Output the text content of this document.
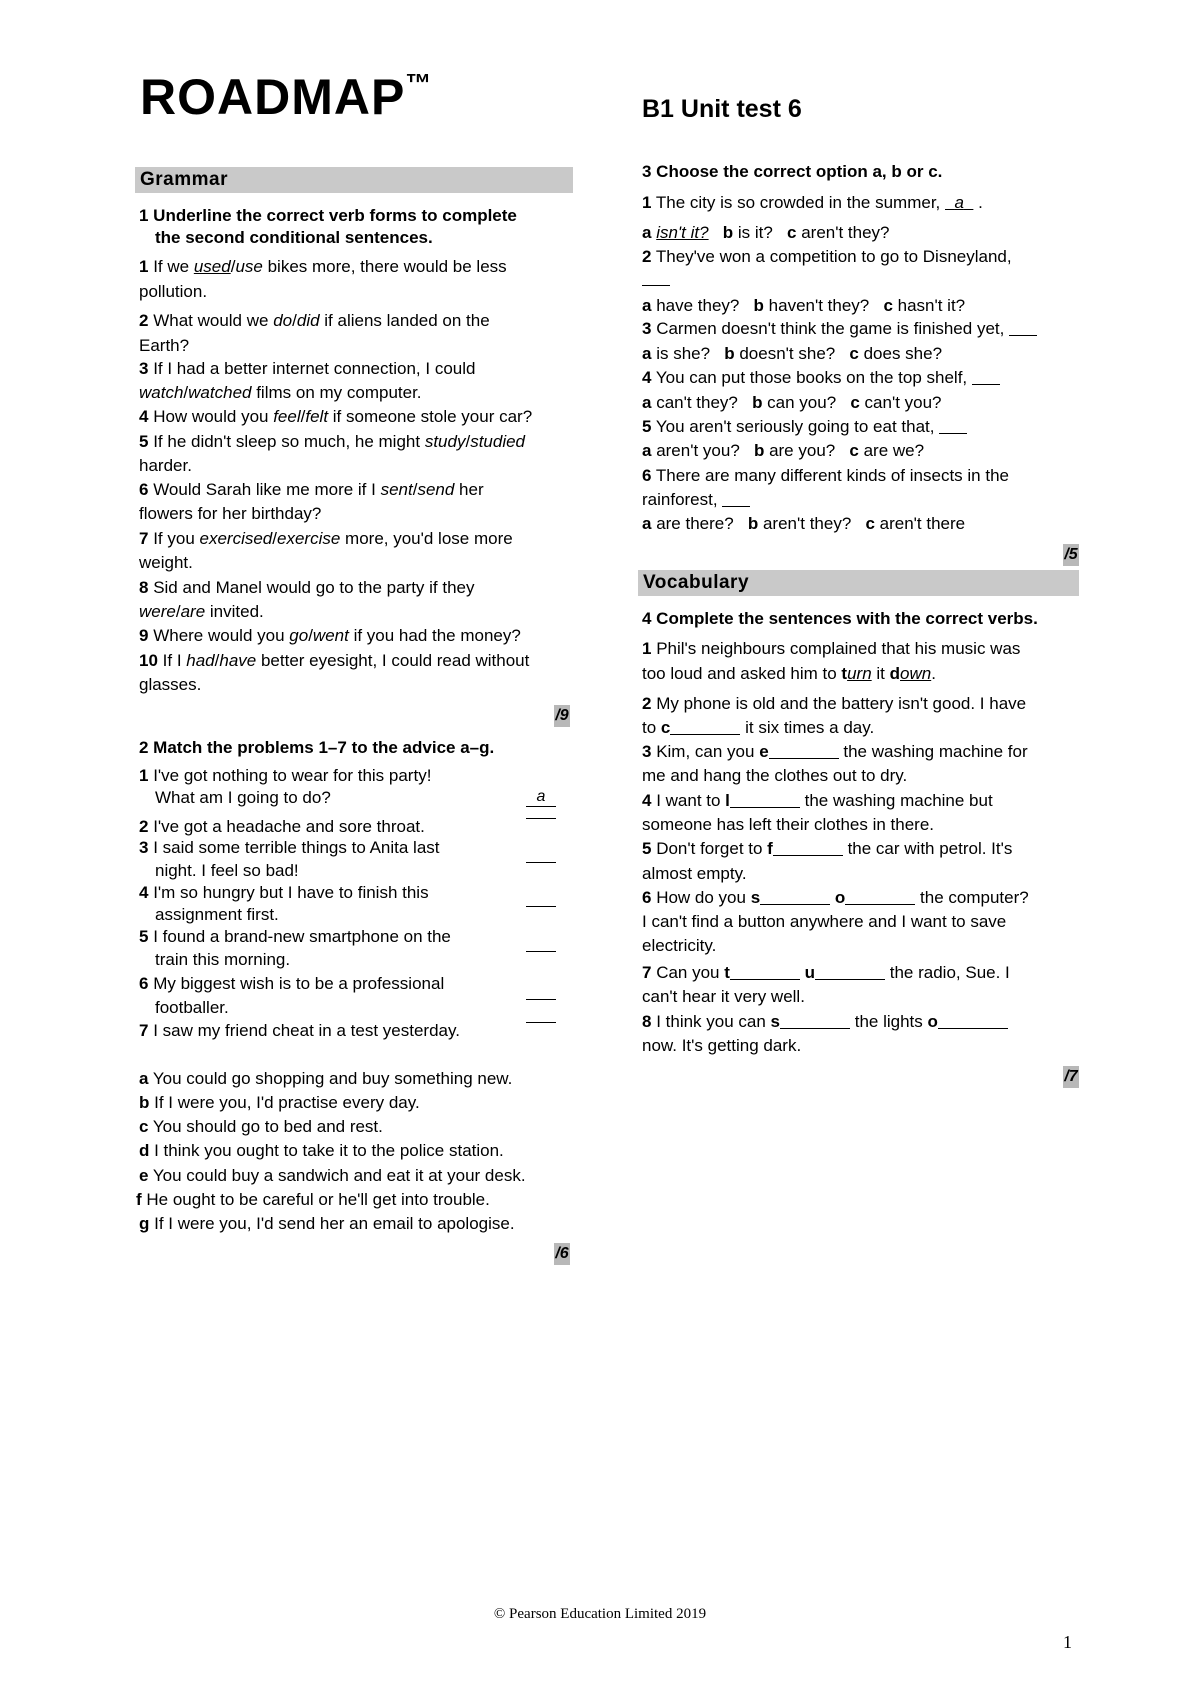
ROADMAP™
B1 Unit test 6
Grammar
1 Underline the correct verb forms to complete
the second conditional sentences.
1 If we used/use bikes more, there would be less
pollution.
2 What would we do/did if aliens landed on the
Earth?
3 If I had a better internet connection, I could
watch/watched films on my computer.
4 How would you feel/felt if someone stole your car?
5 If he didn't sleep so much, he might study/studied
harder.
6 Would Sarah like me more if I sent/send her
flowers for her birthday?
7 If you exercised/exercise more, you'd lose more
weight.
8 Sid and Manel would go to the party if they
were/are invited.
9 Where would you go/went if you had the money?
10 If I had/have better eyesight, I could read without
glasses.
/9
2 Match the problems 1–7 to the advice a–g.
1 I've got nothing to wear for this party!
What am I going to do?	a
2 I've got a headache and sore throat.
3 I said some terrible things to Anita last
night. I feel so bad!
4 I'm so hungry but I have to finish this
assignment first.
5 I found a brand-new smartphone on the
train this morning.
6 My biggest wish is to be a professional
footballer.
7 I saw my friend cheat in a test yesterday.
a You could go shopping and buy something new.
b If I were you, I'd practise every day.
c You should go to bed and rest.
d I think you ought to take it to the police station.
e You could buy a sandwich and eat it at your desk.
f He ought to be careful or he'll get into trouble.
g If I were you, I'd send her an email to apologise.
/6
3 Choose the correct option a, b or c.
1 The city is so crowded in the summer,   a   .
a isn't it? b is it?   c aren't they?
2 They've won a competition to go to Disneyland,
a have they?   b haven't they?   c hasn't it?
3 Carmen doesn't think the game is finished yet,
a is she?   b doesn't she?   c does she?
4 You can put those books on the top shelf,
a can't they?   b can you?   c can't you?
5 You aren't seriously going to eat that,
a aren't you?   b are you?   c are we?
6 There are many different kinds of insects in the
rainforest,
a are there?   b aren't they?   c aren't there
/5
Vocabulary
4 Complete the sentences with the correct verbs.
1 Phil's neighbours complained that his music was
too loud and asked him to turn it down.
2 My phone is old and the battery isn't good. I have
to c	it six times a day.
3 Kim, can you e	the washing machine for
me and hang the clothes out to dry.
4 I want to l	the washing machine but
someone has left their clothes in there.
5 Don't forget to f	the car with petrol. It's
almost empty.
6 How do you s	o	the computer?
I can't find a button anywhere and I want to save
electricity.
7 Can you t	u	the radio, Sue. I
can't hear it very well.
8 I think you can s	the lights o
now. It's getting dark.
/7
© Pearson Education Limited 2019
1
